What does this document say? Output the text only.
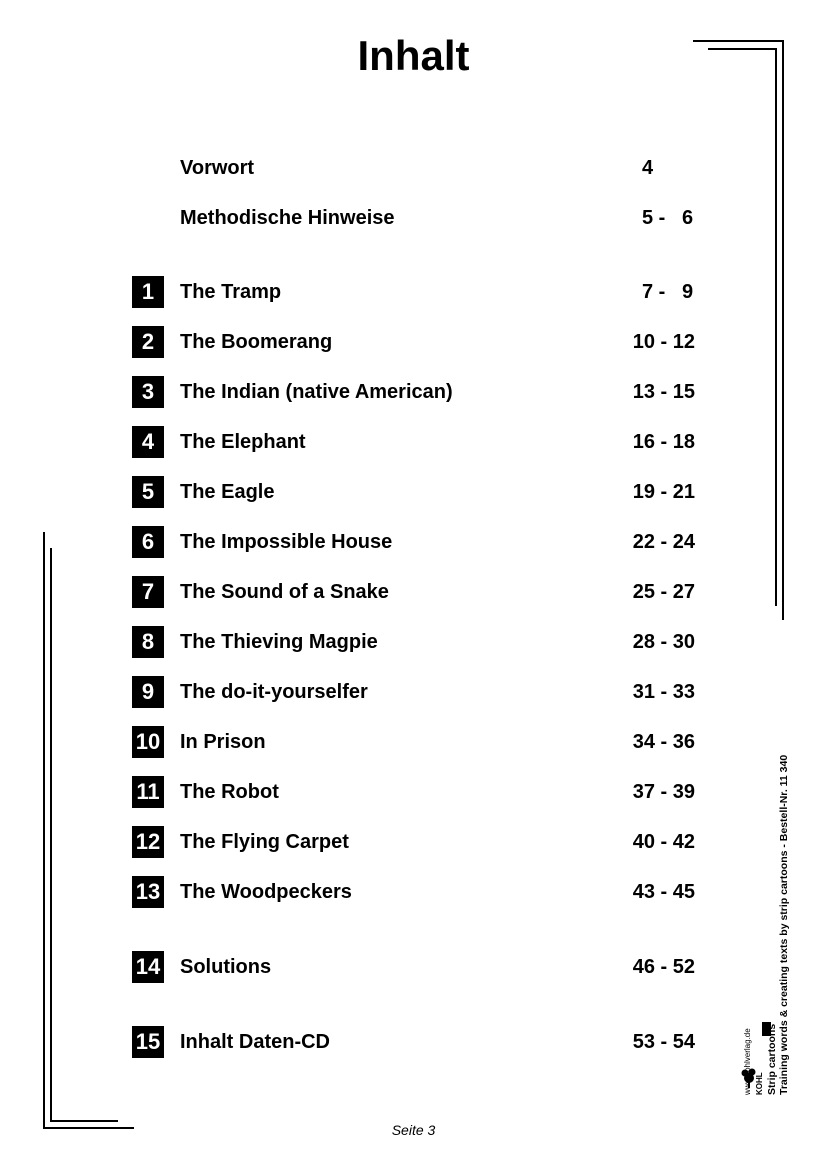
Inhalt
Vorwort	4
Methodische Hinweise	5 -   6
1	The Tramp	7 -   9
2	The Boomerang	10 - 12
3	The Indian (native American)	13 - 15
4	The Elephant	16 - 18
5	The Eagle	19 - 21
6	The Impossible House	22 - 24
7	The Sound of a Snake	25 - 27
8	The Thieving Magpie	28 - 30
9	The do-it-yourselfer	31 - 33
10 In Prison	34 - 36
11 The Robot	37 - 39
12 The Flying Carpet	40 - 42
13 The Woodpeckers	43 - 45
14 Solutions	46 - 52
15 Inhalt Daten-CD	53 - 54	www.kohlverlag.de KOHL Strip cartoons Training words & creating texts by strip cartoons - Bestell-Nr. 11 340
Seite 3
